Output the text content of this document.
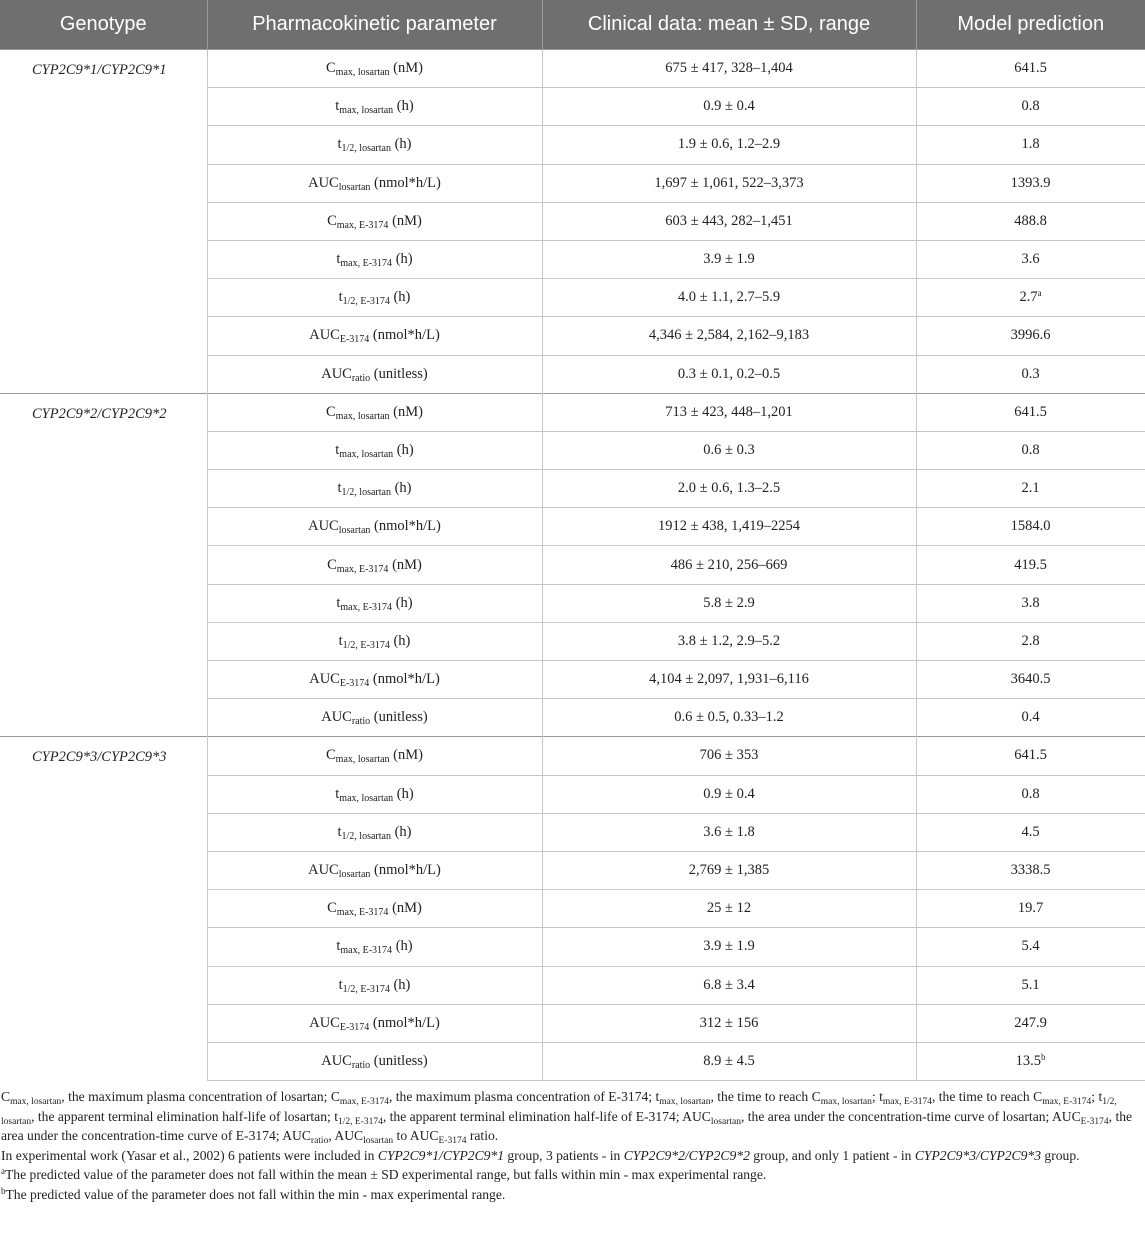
Genotype	Pharmacokinetic parameter	Clinical data: mean ± SD, range	Model prediction
CYP2C9*1/CYP2C9*1	$C_{max, losartan}$ (nM)	675 ± 417, 328–1,404	641.5
	$t_{max, losartan}$ (h)	0.9 ± 0.4	0.8
	$t_{1/2, losartan}$ (h)	1.9 ± 0.6, 1.2–2.9	1.8
	$AUC_{losartan}$ (nmol*h/L)	1,697 ± 1,061, 522–3,373	1393.9
	$C_{max, E-3174}$ (nM)	603 ± 443, 282–1,451	488.8
	$t_{max, E-3174}$ (h)	3.9 ± 1.9	3.6
	$t_{1/2, E-3174}$ (h)	4.0 ± 1.1, 2.7–5.9	2.7$^a$
	$AUC_{E-3174}$ (nmol*h/L)	4,346 ± 2,584, 2,162–9,183	3996.6
	$AUC_{ratio}$ (unitless)	0.3 ± 0.1, 0.2–0.5	0.3
CYP2C9*2/CYP2C9*2	$C_{max, losartan}$ (nM)	713 ± 423, 448–1,201	641.5
	$t_{max, losartan}$ (h)	0.6 ± 0.3	0.8
	$t_{1/2, losartan}$ (h)	2.0 ± 0.6, 1.3–2.5	2.1
	$AUC_{losartan}$ (nmol*h/L)	1912 ± 438, 1,419–2254	1584.0
	$C_{max, E-3174}$ (nM)	486 ± 210, 256–669	419.5
	$t_{max, E-3174}$ (h)	5.8 ± 2.9	3.8
	$t_{1/2, E-3174}$ (h)	3.8 ± 1.2, 2.9–5.2	2.8
	$AUC_{E-3174}$ (nmol*h/L)	4,104 ± 2,097, 1,931–6,116	3640.5
	$AUC_{ratio}$ (unitless)	0.6 ± 0.5, 0.33–1.2	0.4
CYP2C9*3/CYP2C9*3	$C_{max, losartan}$ (nM)	706 ± 353	641.5
	$t_{max, losartan}$ (h)	0.9 ± 0.4	0.8
	$t_{1/2, losartan}$ (h)	3.6 ± 1.8	4.5
	$AUC_{losartan}$ (nmol*h/L)	2,769 ± 1,385	3338.5
	$C_{max, E-3174}$ (nM)	25 ± 12	19.7
	$t_{max, E-3174}$ (h)	3.9 ± 1.9	5.4
	$t_{1/2, E-3174}$ (h)	6.8 ± 3.4	5.1
	$AUC_{E-3174}$ (nmol*h/L)	312 ± 156	247.9
	$AUC_{ratio}$ (unitless)	8.9 ± 4.5	13.5$^b$

$C_{max, losartan}$, the maximum plasma concentration of losartan; $C_{max, E-3174}$, the maximum plasma concentration of E-3174; $t_{max, losartan}$, the time to reach $C_{max, losartan}$; $t_{max, E-3174}$, the time to reach $C_{max, E-3174}$; $t_{1/2, losartan}$, the apparent terminal elimination half-life of losartan; $t_{1/2, E-3174}$, the apparent terminal elimination half-life of E-3174; $AUC_{losartan}$, the area under the concentration-time curve of losartan; $AUC_{E-3174}$, the area under the concentration-time curve of E-3174; $AUC_{ratio}$, $AUC_{losartan}$ to $AUC_{E-3174}$ ratio.

In experimental work (Yasar et al., 2002) 6 patients were included in CYP2C9*1/CYP2C9*1 group, 3 patients - in CYP2C9*2/CYP2C9*2 group, and only 1 patient - in CYP2C9*3/CYP2C9*3 group.

$^a$The predicted value of the parameter does not fall within the mean ± SD experimental range, but falls within min - max experimental range.

$^b$The predicted value of the parameter does not fall within the min - max experimental range.
